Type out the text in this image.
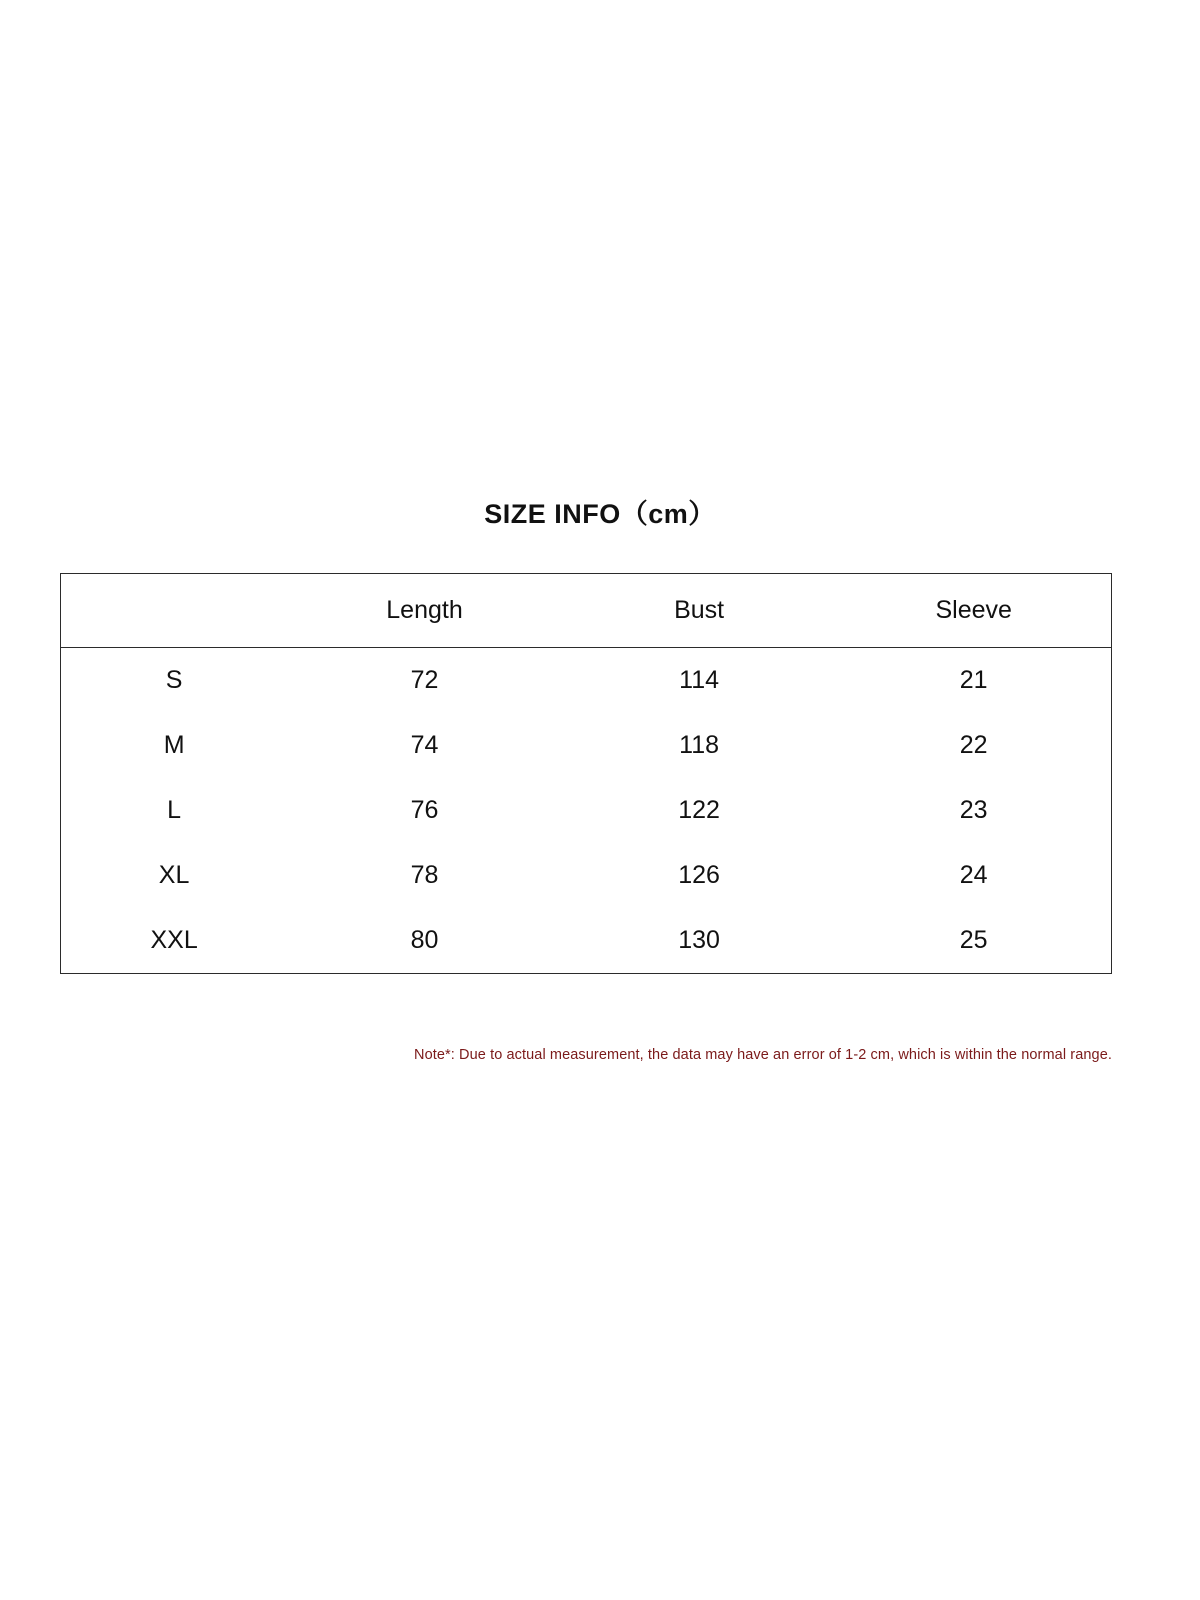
SIZE INFO（cm）
	Length	Bust	Sleeve
S	72	114	21
M	74	118	22
L	76	122	23
XL	78	126	24
XXL	80	130	25
Note*: Due to actual measurement, the data may have an error of 1-2 cm, which is within the normal range.
